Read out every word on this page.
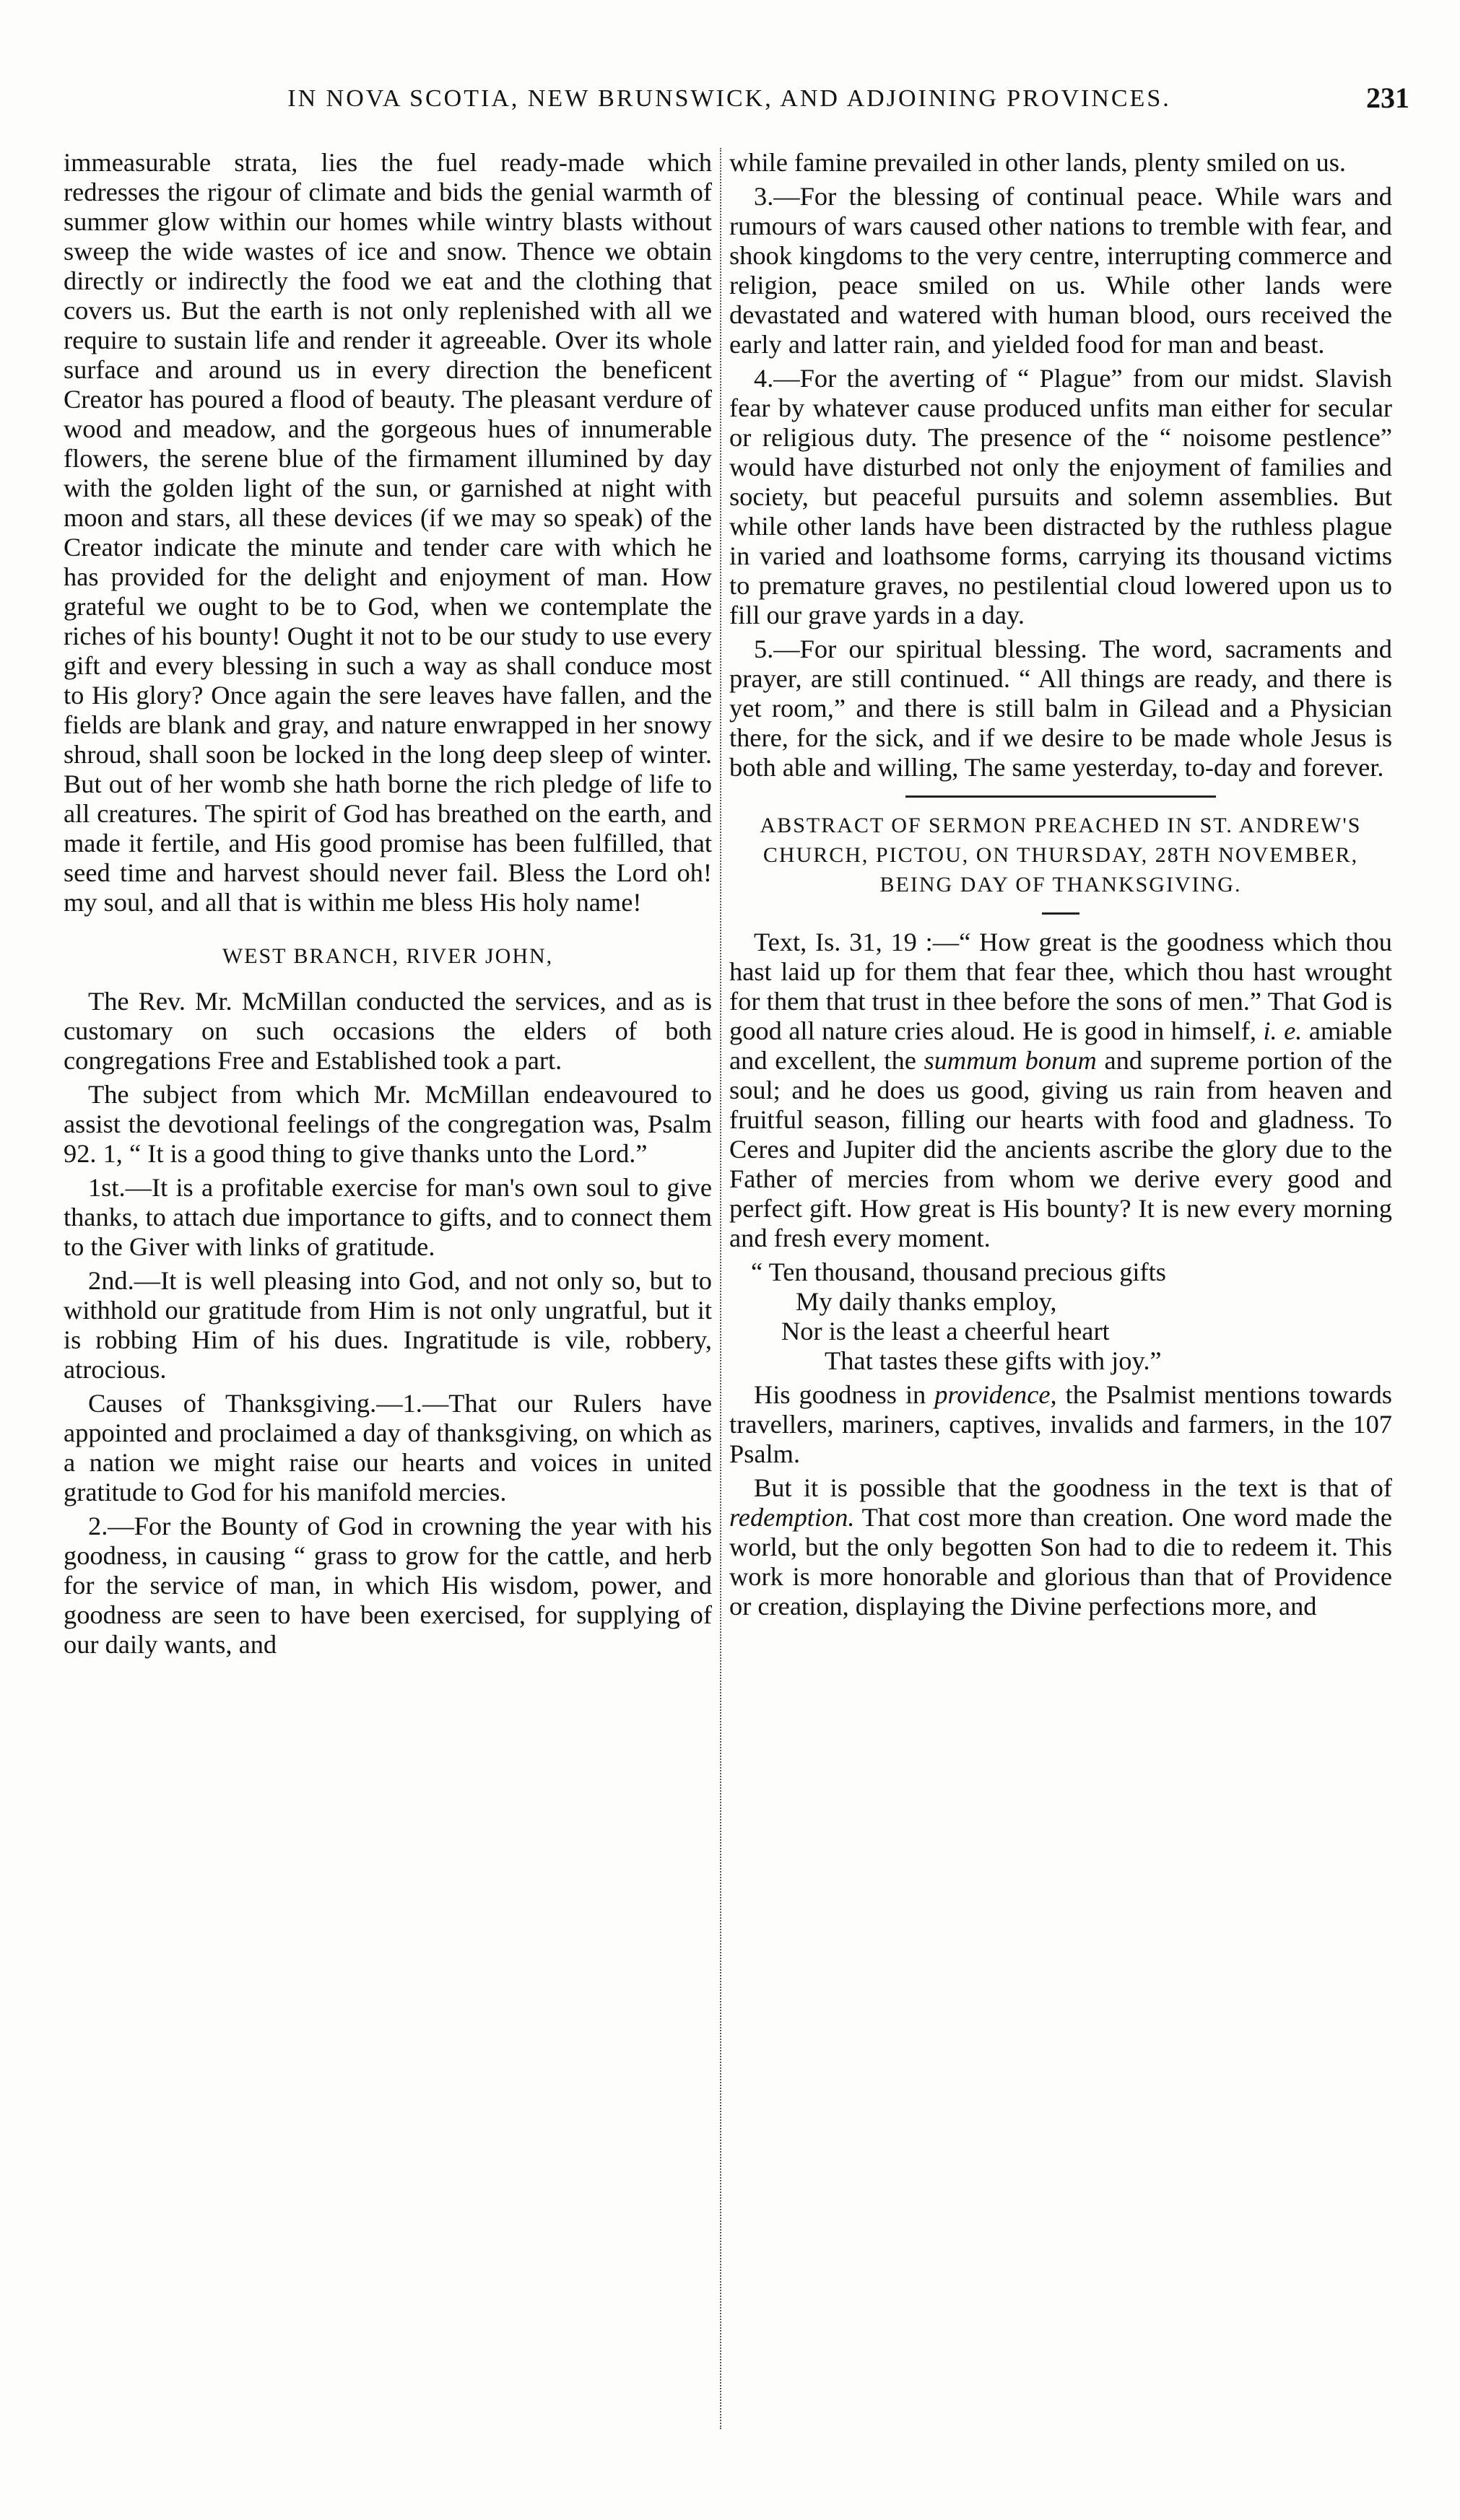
IN NOVA SCOTIA, NEW BRUNSWICK, AND ADJOINING PROVINCES.	231

immeasurable strata, lies the fuel ready-made which redresses the rigour of climate and bids the genial warmth of summer glow within our homes while wintry blasts without sweep the wide wastes of ice and snow. Thence we obtain directly or indirectly the food we eat and the clothing that covers us. But the earth is not only replenished with all we require to sustain life and render it agreeable. Over its whole surface and around us in every direction the beneficent Creator has poured a flood of beauty. The pleasant verdure of wood and meadow, and the gorgeous hues of innumerable flowers, the serene blue of the firmament illumined by day with the golden light of the sun, or garnished at night with moon and stars, all these devices (if we may so speak) of the Creator indicate the minute and tender care with which he has provided for the delight and enjoyment of man. How grateful we ought to be to God, when we contemplate the riches of his bounty! Ought it not to be our study to use every gift and every blessing in such a way as shall conduce most to His glory? Once again the sere leaves have fallen, and the fields are blank and gray, and nature enwrapped in her snowy shroud, shall soon be locked in the long deep sleep of winter. But out of her womb she hath borne the rich pledge of life to all creatures. The spirit of God has breathed on the earth, and made it fertile, and His good promise has been fulfilled, that seed time and harvest should never fail. Bless the Lord oh! my soul, and all that is within me bless His holy name!

WEST BRANCH, RIVER JOHN,

The Rev. Mr. McMillan conducted the services, and as is customary on such occasions the elders of both congregations Free and Established took a part.

The subject from which Mr. McMillan endeavoured to assist the devotional feelings of the congregation was, Psalm 92. 1, “ It is a good thing to give thanks unto the Lord.”

1st.—It is a profitable exercise for man's own soul to give thanks, to attach due importance to gifts, and to connect them to the Giver with links of gratitude.

2nd.—It is well pleasing into God, and not only so, but to withhold our gratitude from Him is not only ungratful, but it is robbing Him of his dues. Ingratitude is vile, robbery, atrocious.

Causes of Thanksgiving.—1.—That our Rulers have appointed and proclaimed a day of thanksgiving, on which as a nation we might raise our hearts and voices in united gratitude to God for his manifold mercies.

2.—For the Bounty of God in crowning the year with his goodness, in causing “ grass to grow for the cattle, and herb for the service of man, in which His wisdom, power, and goodness are seen to have been exercised, for supplying of our daily wants, and

while famine prevailed in other lands, plenty smiled on us.

3.—For the blessing of continual peace. While wars and rumours of wars caused other nations to tremble with fear, and shook kingdoms to the very centre, interrupting commerce and religion, peace smiled on us. While other lands were devastated and watered with human blood, ours received the early and latter rain, and yielded food for man and beast.

4.—For the averting of “ Plague” from our midst. Slavish fear by whatever cause produced unfits man either for secular or religious duty. The presence of the “ noisome pestlence” would have disturbed not only the enjoyment of families and society, but peaceful pursuits and solemn assemblies. But while other lands have been distracted by the ruthless plague in varied and loathsome forms, carrying its thousand victims to premature graves, no pestilential cloud lowered upon us to fill our grave yards in a day.

5.—For our spiritual blessing. The word, sacraments and prayer, are still continued. “ All things are ready, and there is yet room,” and there is still balm in Gilead and a Physician there, for the sick, and if we desire to be made whole Jesus is both able and willing, The same yesterday, to-day and forever.

ABSTRACT OF SERMON PREACHED IN ST. ANDREW'S CHURCH, PICTOU, ON THURSDAY, 28TH NOVEMBER, BEING DAY OF THANKSGIVING.

Text, Is. 31, 19 :—“ How great is the goodness which thou hast laid up for them that fear thee, which thou hast wrought for them that trust in thee before the sons of men.” That God is good all nature cries aloud. He is good in himself, i. e. amiable and excellent, the summum bonum and supreme portion of the soul; and he does us good, giving us rain from heaven and fruitful season, filling our hearts with food and gladness. To Ceres and Jupiter did the ancients ascribe the glory due to the Father of mercies from whom we derive every good and perfect gift. How great is His bounty? It is new every morning and fresh every moment.

“ Ten thousand, thousand precious gifts
My daily thanks employ,
Nor is the least a cheerful heart
That tastes these gifts with joy.”

His goodness in providence, the Psalmist mentions towards travellers, mariners, captives, invalids and farmers, in the 107 Psalm.

But it is possible that the goodness in the text is that of redemption. That cost more than creation. One word made the world, but the only begotten Son had to die to redeem it. This work is more honorable and glorious than that of Providence or creation, displaying the Divine perfections more, and
